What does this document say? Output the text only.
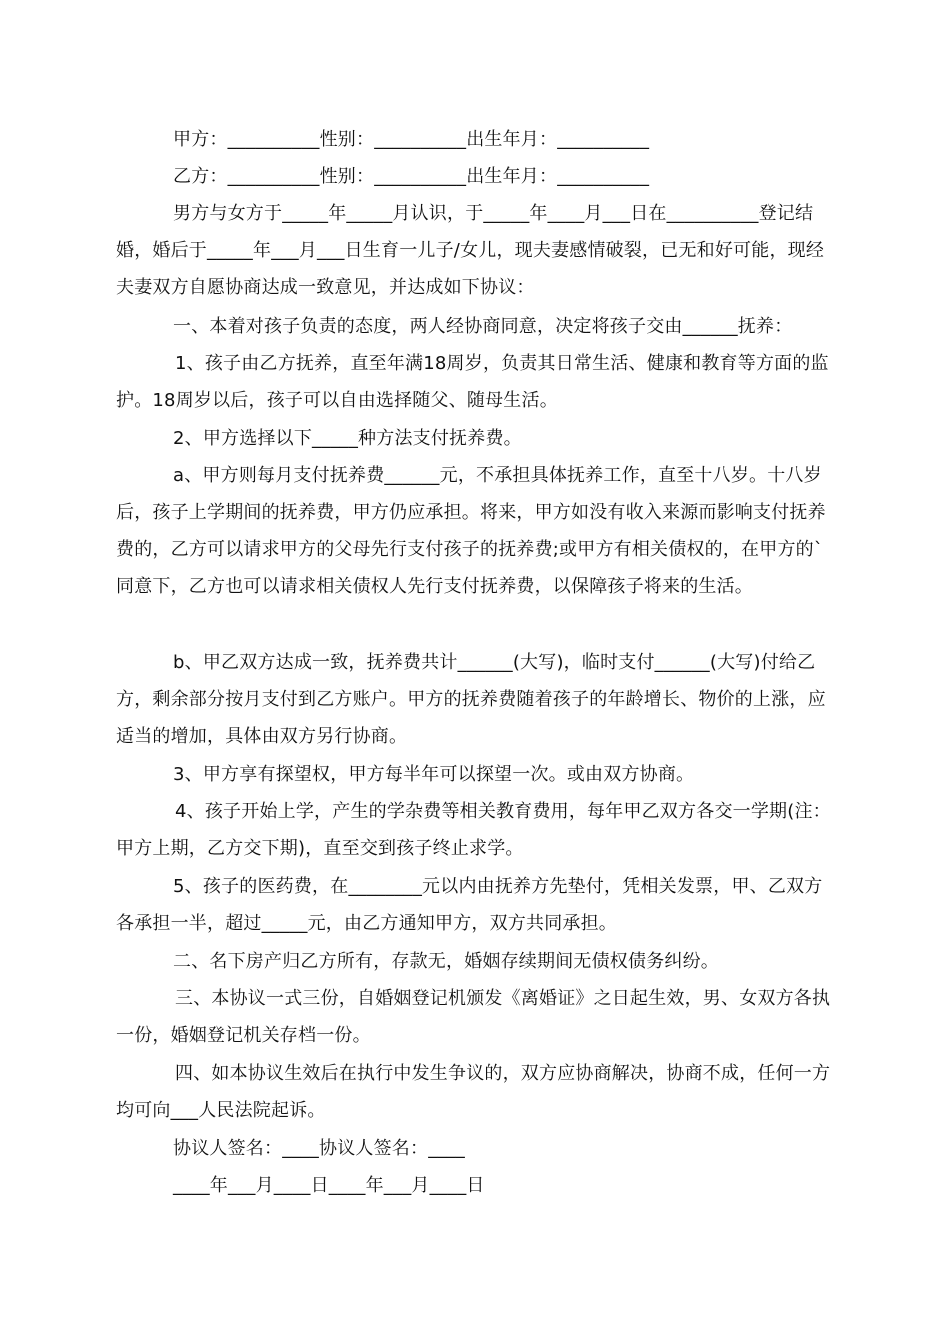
甲方：__________性别：__________出生年月：__________
乙方：__________性别：__________出生年月：__________
男方与女方于_____年_____月认识，于_____年____月___日在__________登记结婚，婚后于_____年___月___日生育一儿子/女儿，现夫妻感情破裂，已无和好可能，现经夫妻双方自愿协商达成一致意见，并达成如下协议：
一、本着对孩子负责的态度，两人经协商同意，决定将孩子交由______抚养：
1、孩子由乙方抚养，直至年满18周岁，负责其日常生活、健康和教育等方面的监护。18周岁以后，孩子可以自由选择随父、随母生活。
2、甲方选择以下_____种方法支付抚养费。
a、甲方则每月支付抚养费______元，不承担具体抚养工作，直至十八岁。十八岁后，孩子上学期间的抚养费，甲方仍应承担。将来，甲方如没有收入来源而影响支付抚养费的，乙方可以请求甲方的父母先行支付孩子的抚养费;或甲方有相关债权的，在甲方的`同意下，乙方也可以请求相关债权人先行支付抚养费，以保障孩子将来的生活。
b、甲乙双方达成一致，抚养费共计______(大写)，临时支付______(大写)付给乙方，剩余部分按月支付到乙方账户。甲方的抚养费随着孩子的年龄增长、物价的上涨，应适当的增加，具体由双方另行协商。
3、甲方享有探望权，甲方每半年可以探望一次。或由双方协商。
4、孩子开始上学，产生的学杂费等相关教育费用，每年甲乙双方各交一学期(注：甲方上期，乙方交下期)，直至交到孩子终止求学。
5、孩子的医药费，在________元以内由抚养方先垫付，凭相关发票，甲、乙双方各承担一半，超过_____元，由乙方通知甲方，双方共同承担。
二、名下房产归乙方所有，存款无，婚姻存续期间无债权债务纠纷。
三、本协议一式三份，自婚姻登记机颁发《离婚证》之日起生效，男、女双方各执一份，婚姻登记机关存档一份。
四、如本协议生效后在执行中发生争议的，双方应协商解决，协商不成，任何一方均可向___人民法院起诉。
协议人签名：____协议人签名：____
____年___月____日____年___月____日
